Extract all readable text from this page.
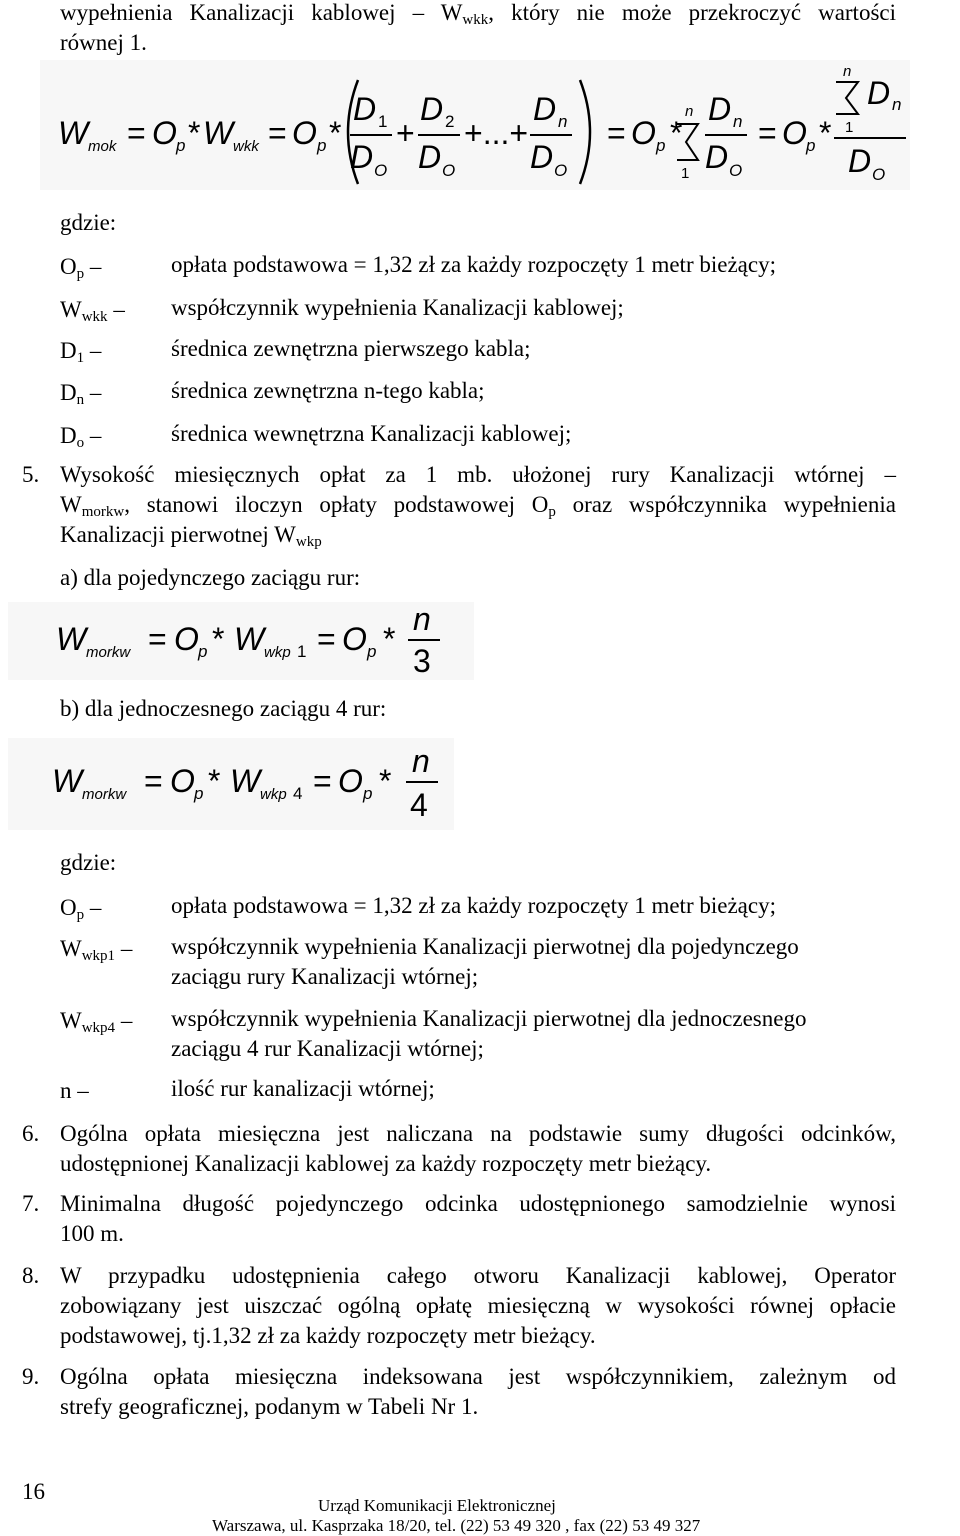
wypełnienia Kanalizacji kablowej – $W_{wkk}$, który nie może przekroczyć wartości
równej 1.
W mok = O p * W wkk = O p *
D 1
D O
+
D 2
D O
+...+
D n
D O
= O p *
n
1
D n
D O
= O p *
n
D n
1
D O
gdzie:
$O_p$ –	opłata podstawowa = 1,32 zł za każdy rozpoczęty 1 metr bieżący;
$W_{wkk}$ – współczynnik wypełnienia Kanalizacji kablowej;
$D_1$ –	średnica zewnętrzna pierwszego kabla;
$D_n$ –	średnica zewnętrzna n-tego kabla;
$D_o$ –	średnica wewnętrzna Kanalizacji kablowej;
5. Wysokość miesięcznych opłat za 1 mb. ułożonej rury Kanalizacji wtórnej –
$W_{morkw}$, stanowi iloczyn opłaty podstawowej $O_p$ oraz współczynnika wypełnienia
Kanalizacji pierwotnej $W_{wkp}$
a) dla pojedynczego zaciągu rur:
W morkw = O p * W wkp 1 = O p *
n
3
b) dla jednoczesnego zaciągu 4 rur:
W morkw = O p * W wkp 4 = O p *
n
4
gdzie:
$O_p$ –	opłata podstawowa = 1,32 zł za każdy rozpoczęty 1 metr bieżący;
$W_{wkp1}$ – współczynnik wypełnienia Kanalizacji pierwotnej dla pojedynczego
zaciągu rury Kanalizacji wtórnej;
$W_{wkp4}$ – współczynnik wypełnienia Kanalizacji pierwotnej dla jednoczesnego
zaciągu 4 rur Kanalizacji wtórnej;
n –	ilość rur kanalizacji wtórnej;
6. Ogólna opłata miesięczna jest naliczana na podstawie sumy długości odcinków,
udostępnionej Kanalizacji kablowej za każdy rozpoczęty metr bieżący.
7. Minimalna długość pojedynczego odcinka udostępnionego samodzielnie wynosi
100 m.
8. W przypadku udostępnienia całego otworu Kanalizacji kablowej, Operator
zobowiązany jest uiszczać ogólną opłatę miesięczną w wysokości równej opłacie
podstawowej, tj.1,32 zł za każdy rozpoczęty metr bieżący.
9. Ogólna opłata miesięczna indeksowana jest współczynnikiem, zależnym od
strefy geograficznej, podanym w Tabeli Nr 1.
16
Urząd Komunikacji Elektronicznej
Warszawa, ul. Kasprzaka 18/20, tel. (22) 53 49 320 , fax (22) 53 49 327
